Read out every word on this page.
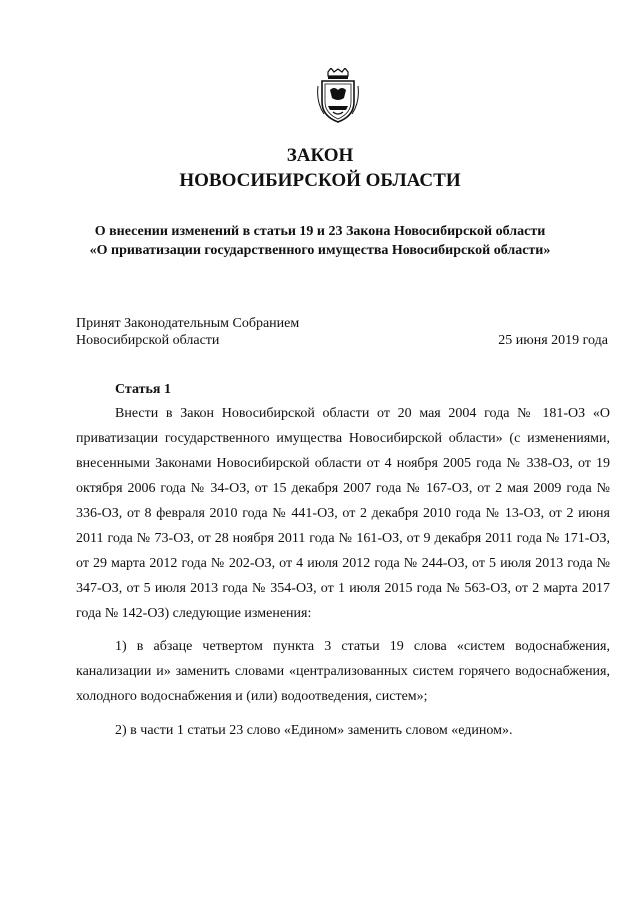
ЗАКОН
НОВОСИБИРСКОЙ ОБЛАСТИ
О внесении изменений в статьи 19 и 23 Закона Новосибирской области
«О приватизации государственного имущества Новосибирской области»
Принят Законодательным Собранием
Новосибирской области	25 июня 2019 года
Статья 1

Внести в Закон Новосибирской области от 20 мая 2004 года № 181-ОЗ «О приватизации государственного имущества Новосибирской области» (с изменениями, внесенными Законами Новосибирской области от 4 ноября 2005 года № 338-ОЗ, от 19 октября 2006 года № 34-ОЗ, от 15 декабря 2007 года № 167-ОЗ, от 2 мая 2009 года № 336-ОЗ, от 8 февраля 2010 года № 441-ОЗ, от 2 декабря 2010 года № 13-ОЗ, от 2 июня 2011 года № 73-ОЗ, от 28 ноября 2011 года № 161-ОЗ, от 9 декабря 2011 года № 171-ОЗ, от 29 марта 2012 года № 202-ОЗ, от 4 июля 2012 года № 244-ОЗ, от 5 июля 2013 года № 347-ОЗ, от 5 июля 2013 года № 354-ОЗ, от 1 июля 2015 года № 563-ОЗ, от 2 марта 2017 года № 142-ОЗ) следующие изменения:

1) в абзаце четвертом пункта 3 статьи 19 слова «систем водоснабжения, канализации и» заменить словами «централизованных систем горячего водоснабжения, холодного водоснабжения и (или) водоотведения, систем»;

2) в части 1 статьи 23 слово «Едином» заменить словом «едином».
